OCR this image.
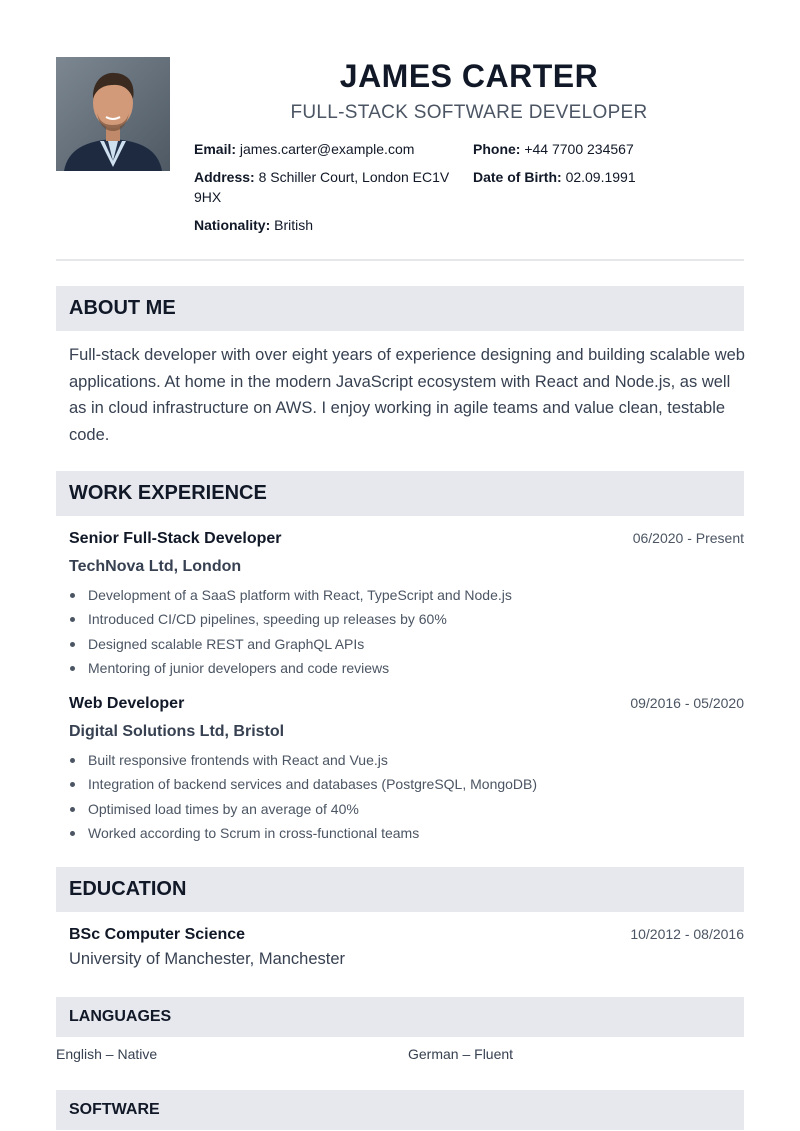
JAMES CARTER
FULL-STACK SOFTWARE DEVELOPER
Email: james.carter@example.com	Phone: +44 7700 234567
Address: 8 Schiller Court, London EC1V 9HX
Date of Birth: 02.09.1991
Nationality: British
ABOUT ME
Full-stack developer with over eight years of experience designing and building scalable web applications. At home in the modern JavaScript ecosystem with React and Node.js, as well as in cloud infrastructure on AWS. I enjoy working in agile teams and value clean, testable code.
WORK EXPERIENCE
Senior Full-Stack Developer	06/2020 - Present
TechNova Ltd, London
Development of a SaaS platform with React, TypeScript and Node.js
Introduced CI/CD pipelines, speeding up releases by 60%
Designed scalable REST and GraphQL APIs
Mentoring of junior developers and code reviews
Web Developer	09/2016 - 05/2020
Digital Solutions Ltd, Bristol
Built responsive frontends with React and Vue.js
Integration of backend services and databases (PostgreSQL, MongoDB)
Optimised load times by an average of 40%
Worked according to Scrum in cross-functional teams
EDUCATION
BSc Computer Science	10/2012 - 08/2016
University of Manchester, Manchester
LANGUAGES
English – Native	German – Fluent
SOFTWARE
